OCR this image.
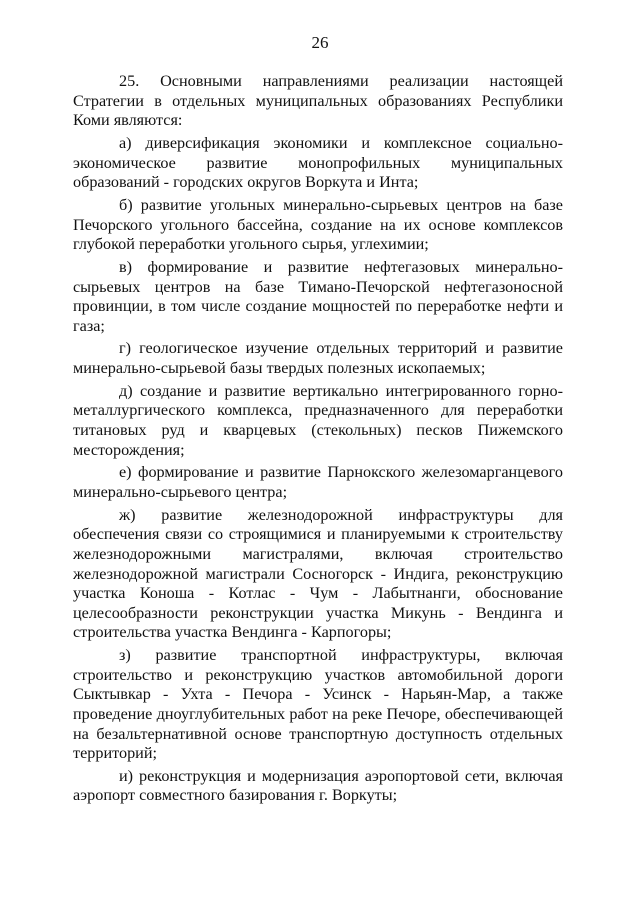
26

25. Основными направлениями реализации настоящей Стратегии в отдельных муниципальных образованиях Республики Коми являются:

а) диверсификация экономики и комплексное социально-экономическое развитие монопрофильных муниципальных образований - городских округов Воркута и Инта;

б) развитие угольных минерально-сырьевых центров на базе Печорского угольного бассейна, создание на их основе комплексов глубокой переработки угольного сырья, углехимии;

в) формирование и развитие нефтегазовых минерально-сырьевых центров на базе Тимано-Печорской нефтегазоносной провинции, в том числе создание мощностей по переработке нефти и газа;

г) геологическое изучение отдельных территорий и развитие минерально-сырьевой базы твердых полезных ископаемых;

д) создание и развитие вертикально интегрированного горно-металлургического комплекса, предназначенного для переработки титановых руд и кварцевых (стекольных) песков Пижемского месторождения;

е) формирование и развитие Парнокского железомарганцевого минерально-сырьевого центра;

ж) развитие железнодорожной инфраструктуры для обеспечения связи со строящимися и планируемыми к строительству железнодорожными магистралями, включая строительство железнодорожной магистрали Сосногорск - Индига, реконструкцию участка Коноша - Котлас - Чум - Лабытнанги, обоснование целесообразности реконструкции участка Микунь - Вендинга и строительства участка Вендинга - Карпогоры;

з) развитие транспортной инфраструктуры, включая строительство и реконструкцию участков автомобильной дороги Сыктывкар - Ухта - Печора - Усинск - Нарьян-Мар, а также проведение дноуглубительных работ на реке Печоре, обеспечивающей на безальтернативной основе транспортную доступность отдельных территорий;

и) реконструкция и модернизация аэропортовой сети, включая аэропорт совместного базирования г. Воркуты;
